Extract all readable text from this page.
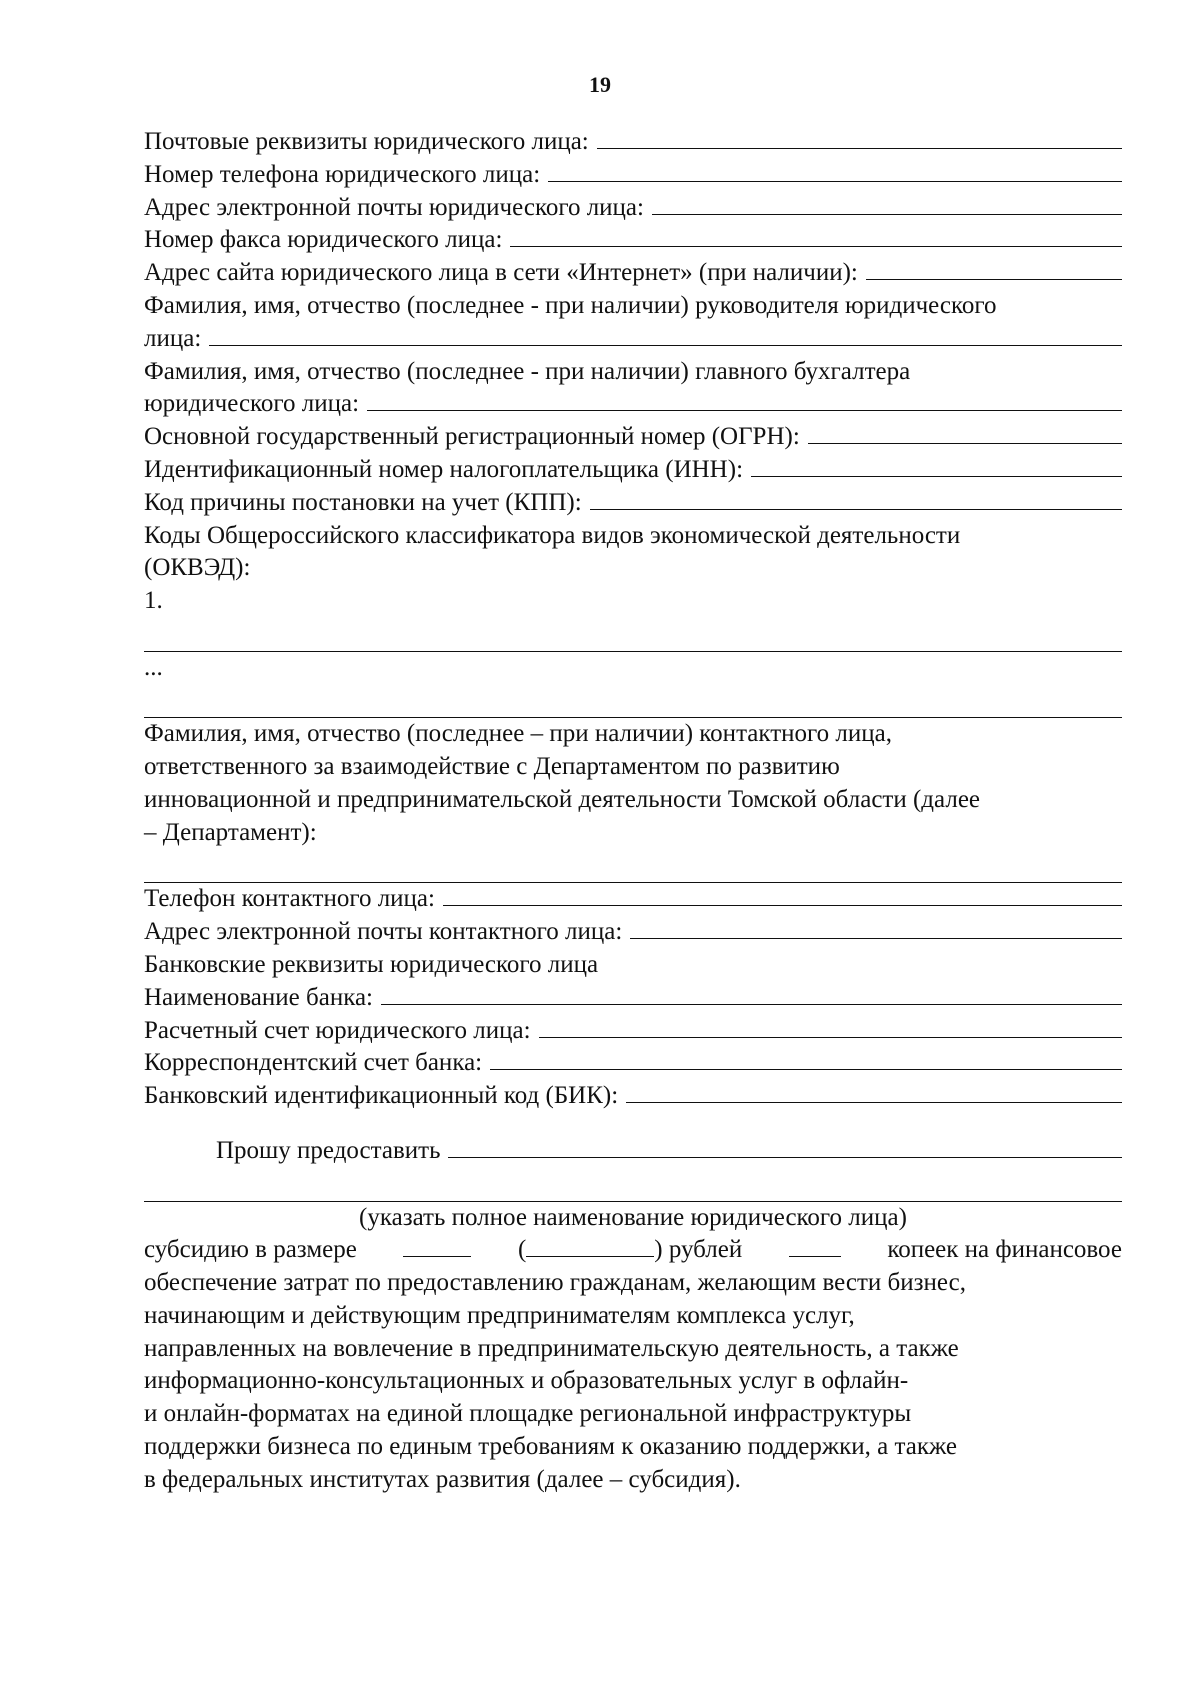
19
Почтовые реквизиты юридического лица:
Номер телефона юридического лица:
Адрес электронной почты юридического лица:
Номер факса юридического лица:
Адрес сайта юридического лица в сети «Интернет» (при наличии):
Фамилия, имя, отчество (последнее - при наличии) руководителя юридического
лица:
Фамилия, имя, отчество (последнее - при наличии) главного бухгалтера
юридического лица:
Основной государственный регистрационный номер (ОГРН):
Идентификационный номер налогоплательщика (ИНН):
Код причины постановки на учет (КПП):
Коды Общероссийского классификатора видов экономической деятельности
(ОКВЭД):
1.
...
Фамилия, имя, отчество (последнее – при наличии) контактного лица,
ответственного за взаимодействие с Департаментом по развитию
инновационной и предпринимательской деятельности Томской области (далее
– Департамент):
Телефон контактного лица:
Адрес электронной почты контактного лица:
Банковские реквизиты юридического лица
Наименование банка:
Расчетный счет юридического лица:
Корреспондентский счет банка:
Банковский идентификационный код (БИК):
Прошу предоставить
(указать полное наименование юридического лица)
субсидию в размере	(	) рублей	копеек на финансовое
обеспечение затрат по предоставлению гражданам, желающим вести бизнес,
начинающим и действующим предпринимателям комплекса услуг,
направленных на вовлечение в предпринимательскую деятельность, а также
информационно-консультационных и образовательных услуг в офлайн-
и онлайн-форматах на единой площадке региональной инфраструктуры
поддержки бизнеса по единым требованиям к оказанию поддержки, а также
в федеральных институтах развития (далее – субсидия).
